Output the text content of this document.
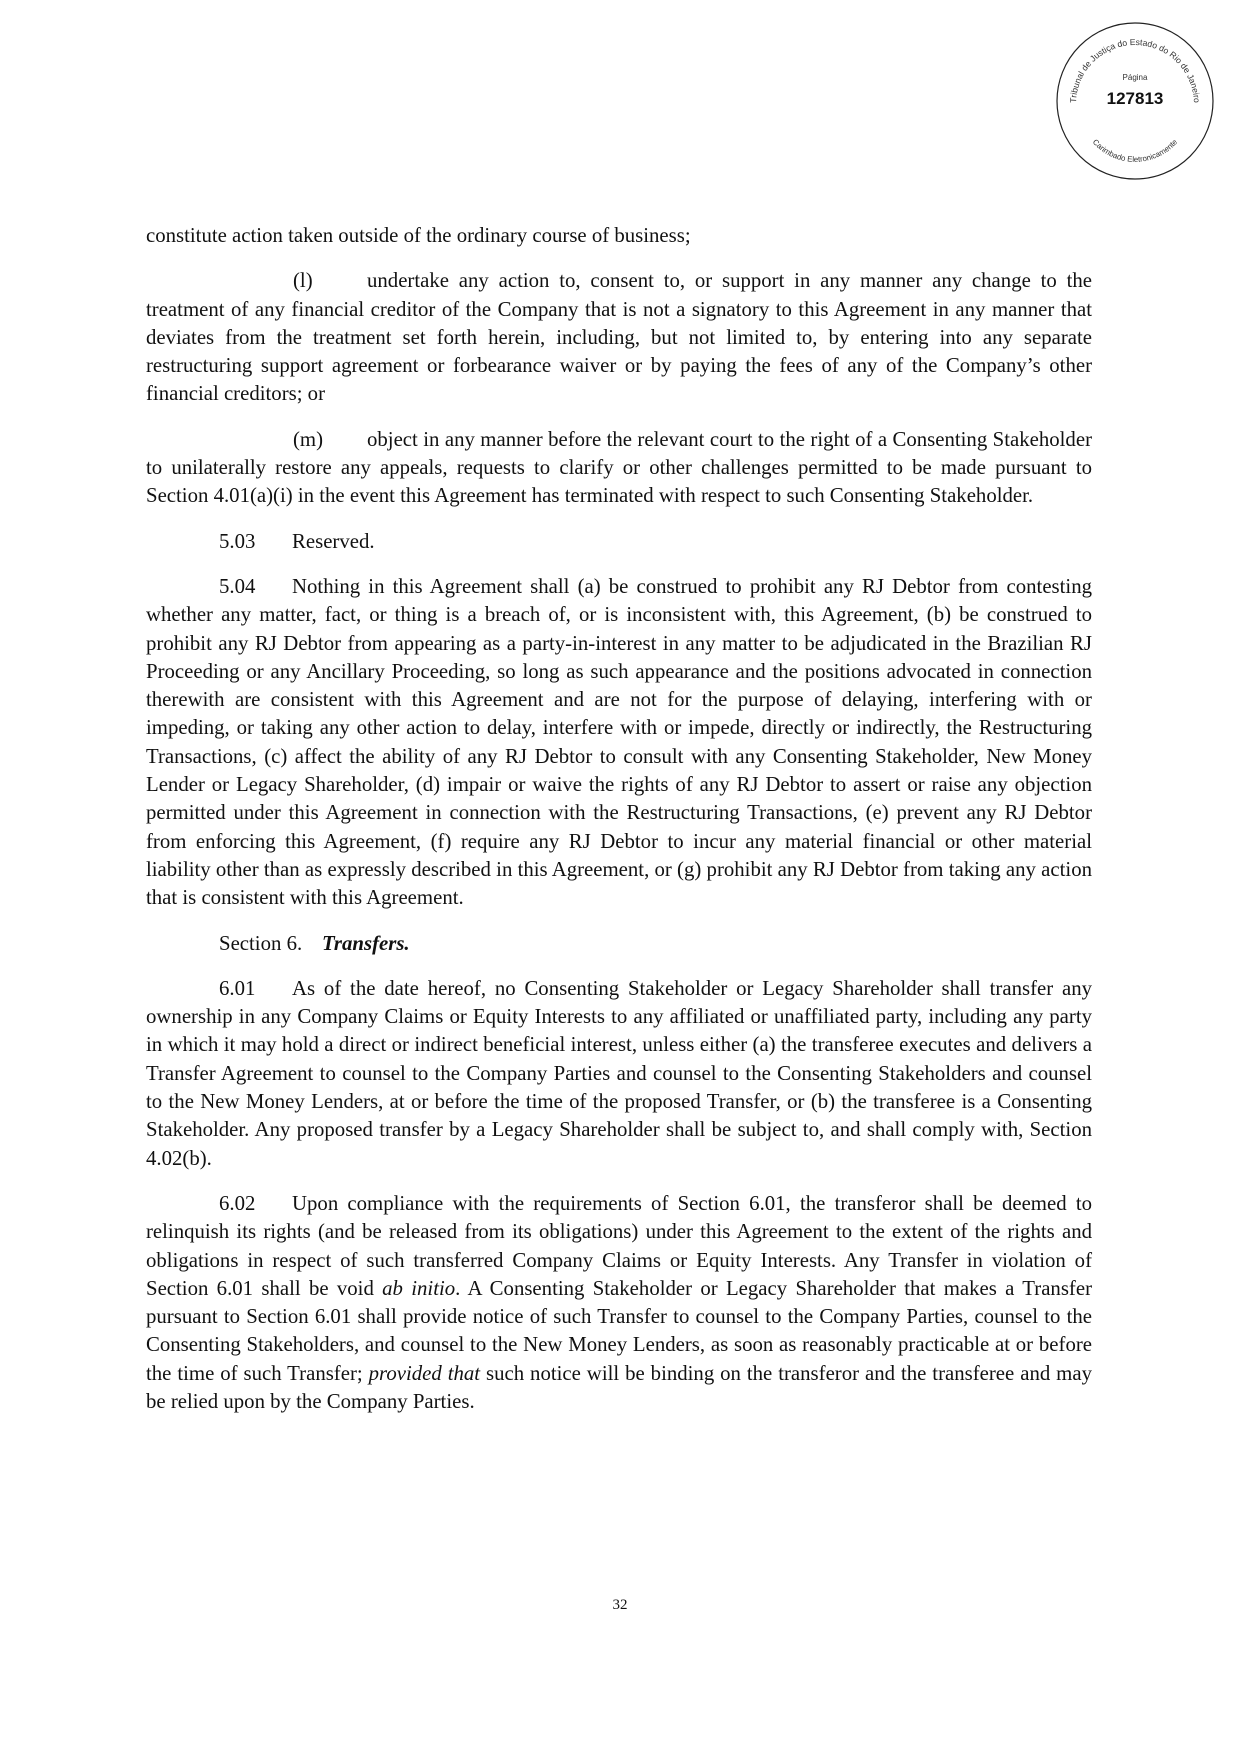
Tribunal de Justiça do Estado do Rio de Janeiro
Página
127813
Carimbado Eletronicamente

constitute action taken outside of the ordinary course of business;

(l)	undertake any action to, consent to, or support in any manner any change to the treatment of any financial creditor of the Company that is not a signatory to this Agreement in any manner that deviates from the treatment set forth herein, including, but not limited to, by entering into any separate restructuring support agreement or forbearance waiver or by paying the fees of any of the Company’s other financial creditors; or

(m) object in any manner before the relevant court to the right of a Consenting Stakeholder to unilaterally restore any appeals, requests to clarify or other challenges permitted to be made pursuant to Section 4.01(a)(i) in the event this Agreement has terminated with respect to such Consenting Stakeholder.

5.03 Reserved.

5.04 Nothing in this Agreement shall (a) be construed to prohibit any RJ Debtor from contesting whether any matter, fact, or thing is a breach of, or is inconsistent with, this Agreement, (b) be construed to prohibit any RJ Debtor from appearing as a party-in-interest in any matter to be adjudicated in the Brazilian RJ Proceeding or any Ancillary Proceeding, so long as such appearance and the positions advocated in connection therewith are consistent with this Agreement and are not for the purpose of delaying, interfering with or impeding, or taking any other action to delay, interfere with or impede, directly or indirectly, the Restructuring Transactions, (c) affect the ability of any RJ Debtor to consult with any Consenting Stakeholder, New Money Lender or Legacy Shareholder, (d) impair or waive the rights of any RJ Debtor to assert or raise any objection permitted under this Agreement in connection with the Restructuring Transactions, (e) prevent any RJ Debtor from enforcing this Agreement, (f) require any RJ Debtor to incur any material financial or other material liability other than as expressly described in this Agreement, or (g) prohibit any RJ Debtor from taking any action that is consistent with this Agreement.

Section 6. Transfers.

6.01 As of the date hereof, no Consenting Stakeholder or Legacy Shareholder shall transfer any ownership in any Company Claims or Equity Interests to any affiliated or unaffiliated party, including any party in which it may hold a direct or indirect beneficial interest, unless either (a) the transferee executes and delivers a Transfer Agreement to counsel to the Company Parties and counsel to the Consenting Stakeholders and counsel to the New Money Lenders, at or before the time of the proposed Transfer, or (b) the transferee is a Consenting Stakeholder. Any proposed transfer by a Legacy Shareholder shall be subject to, and shall comply with, Section 4.02(b).

6.02 Upon compliance with the requirements of Section 6.01, the transferor shall be deemed to relinquish its rights (and be released from its obligations) under this Agreement to the extent of the rights and obligations in respect of such transferred Company Claims or Equity Interests. Any Transfer in violation of Section 6.01 shall be void ab initio. A Consenting Stakeholder or Legacy Shareholder that makes a Transfer pursuant to Section 6.01 shall provide notice of such Transfer to counsel to the Company Parties, counsel to the Consenting Stakeholders, and counsel to the New Money Lenders, as soon as reasonably practicable at or before the time of such Transfer; provided that such notice will be binding on the transferor and the transferee and may be relied upon by the Company Parties.

32
